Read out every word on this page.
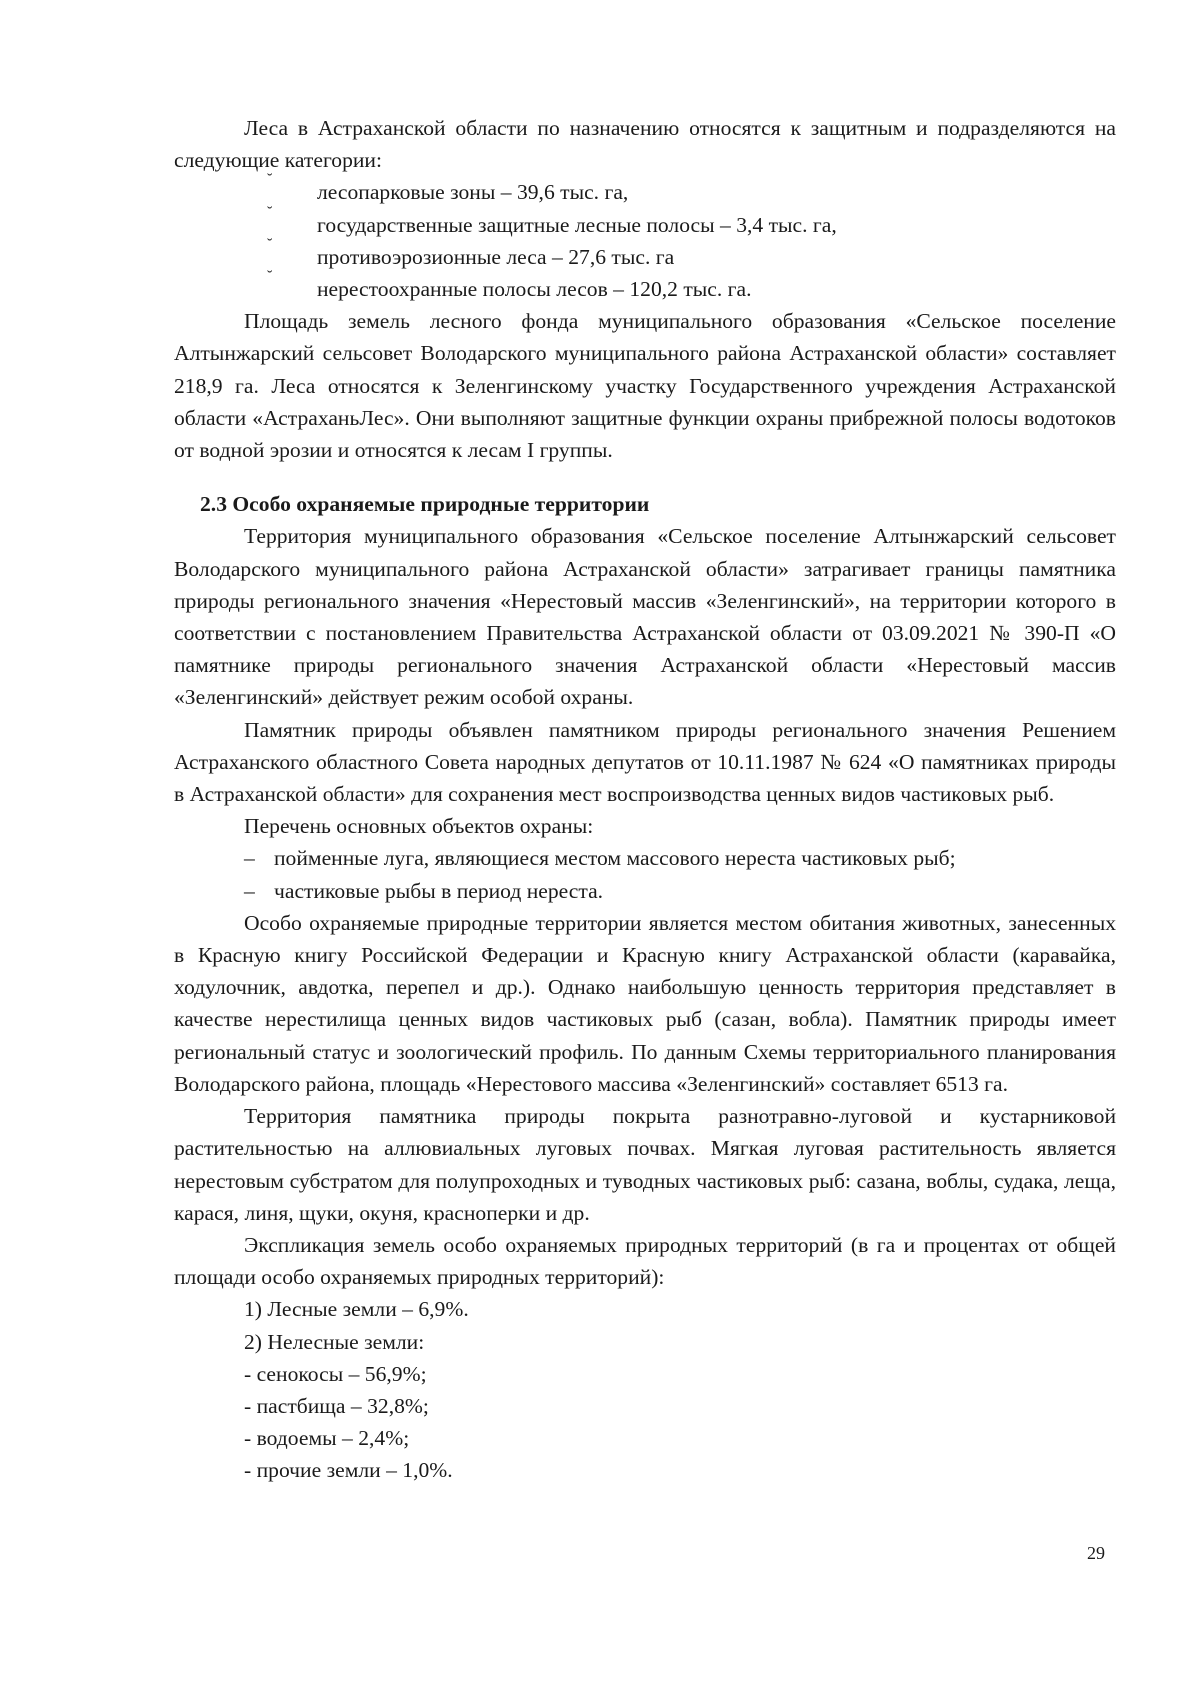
Леса в Астраханской области по назначению относятся к защитным и подразделяются на следующие категории:

˘
лесопарковые зоны – 39,6 тыс. га,
˘
государственные защитные лесные полосы – 3,4 тыс. га,
˘
противоэрозионные леса – 27,6 тыс. га
˘
нерестоохранные полосы лесов – 120,2 тыс. га.

Площадь земель лесного фонда муниципального образования «Сельское поселение Алтынжарский сельсовет Володарского муниципального района Астраханской области» составляет 218,9 га. Леса относятся к Зеленгинскому участку Государственного учреждения Астраханской области «АстраханьЛес». Они выполняют защитные функции охраны прибрежной полосы водотоков от водной эрозии и относятся к лесам I группы.

2.3 Особо охраняемые природные территории

Территория муниципального образования «Сельское поселение Алтынжарский сельсовет Володарского муниципального района Астраханской области» затрагивает границы памятника природы регионального значения «Нерестовый массив «Зеленгинский», на территории которого в соответствии с постановлением Правительства Астраханской области от 03.09.2021 № 390-П «О памятнике природы регионального значения Астраханской области «Нерестовый массив «Зеленгинский» действует режим особой охраны.

Памятник природы объявлен памятником природы регионального значения Решением Астраханского областного Совета народных депутатов от 10.11.1987 № 624 «О памятниках природы в Астраханской области» для сохранения мест воспроизводства ценных видов частиковых рыб.

Перечень основных объектов охраны:

– пойменные луга, являющиеся местом массового нереста частиковых рыб;
– частиковые рыбы в период нереста.

Особо охраняемые природные территории является местом обитания животных, занесенных в Красную книгу Российской Федерации и Красную книгу Астраханской области (каравайка, ходулочник, авдотка, перепел и др.). Однако наибольшую ценность территория представляет в качестве нерестилища ценных видов частиковых рыб (сазан, вобла). Памятник природы имеет региональный статус и зоологический профиль. По данным Схемы территориального планирования Володарского района, площадь «Нерестового массива «Зеленгинский» составляет 6513 га.

Территория памятника природы покрыта разнотравно-луговой и кустарниковой растительностью на аллювиальных луговых почвах. Мягкая луговая растительность является нерестовым субстратом для полупроходных и туводных частиковых рыб: сазана, воблы, судака, леща, карася, линя, щуки, окуня, красноперки и др.

Экспликация земель особо охраняемых природных территорий (в га и процентах от общей площади особо охраняемых природных территорий):

1) Лесные земли – 6,9%.

2) Нелесные земли:

- сенокосы – 56,9%;

- пастбища – 32,8%;

- водоемы – 2,4%;

- прочие земли – 1,0%.

29
